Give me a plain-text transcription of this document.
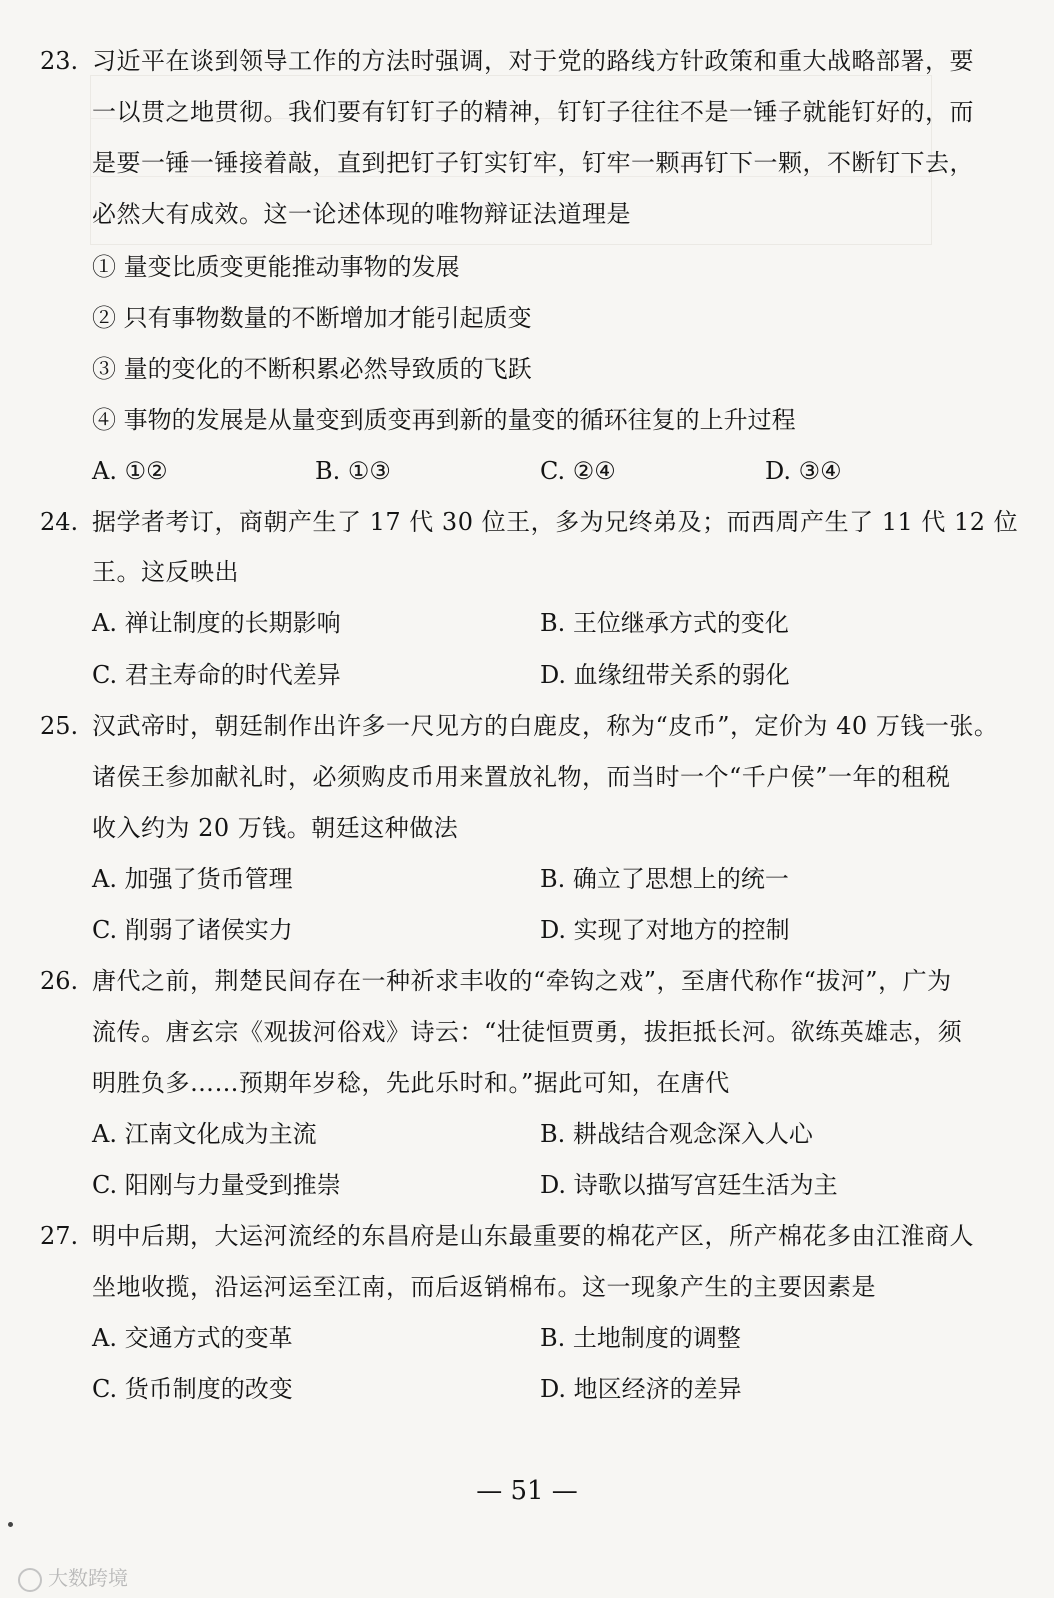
23. 习近平在谈到领导工作的方法时强调，对于党的路线方针政策和重大战略部署，要
一以贯之地贯彻。我们要有钉钉子的精神，钉钉子往往不是一锤子就能钉好的，而
是要一锤一锤接着敲，直到把钉子钉实钉牢，钉牢一颗再钉下一颗，不断钉下去，
必然大有成效。这一论述体现的唯物辩证法道理是
① 量变比质变更能推动事物的发展
② 只有事物数量的不断增加才能引起质变
③ 量的变化的不断积累必然导致质的飞跃
④ 事物的发展是从量变到质变再到新的量变的循环往复的上升过程
A. ①②	B. ①③	C. ②④	D. ③④
24. 据学者考订，商朝产生了 17 代 30 位王，多为兄终弟及；而西周产生了 11 代 12 位
王。这反映出
A. 禅让制度的长期影响	B. 王位继承方式的变化
C. 君主寿命的时代差异	D. 血缘纽带关系的弱化
25. 汉武帝时，朝廷制作出许多一尺见方的白鹿皮，称为“皮币”，定价为 40 万钱一张。
诸侯王参加献礼时，必须购皮币用来置放礼物，而当时一个“千户侯”一年的租税
收入约为 20 万钱。朝廷这种做法
A. 加强了货币管理	B. 确立了思想上的统一
C. 削弱了诸侯实力	D. 实现了对地方的控制
26. 唐代之前，荆楚民间存在一种祈求丰收的“牵钩之戏”，至唐代称作“拔河”，广为
流传。唐玄宗《观拔河俗戏》诗云：“壮徒恒贾勇，拔拒抵长河。欲练英雄志，须
明胜负多……预期年岁稔，先此乐时和。”据此可知，在唐代
A. 江南文化成为主流	B. 耕战结合观念深入人心
C. 阳刚与力量受到推崇	D. 诗歌以描写宫廷生活为主
27. 明中后期，大运河流经的东昌府是山东最重要的棉花产区，所产棉花多由江淮商人
坐地收揽，沿运河运至江南，而后返销棉布。这一现象产生的主要因素是
A. 交通方式的变革	B. 土地制度的调整
C. 货币制度的改变	D. 地区经济的差异
— 51 —
大数跨境
